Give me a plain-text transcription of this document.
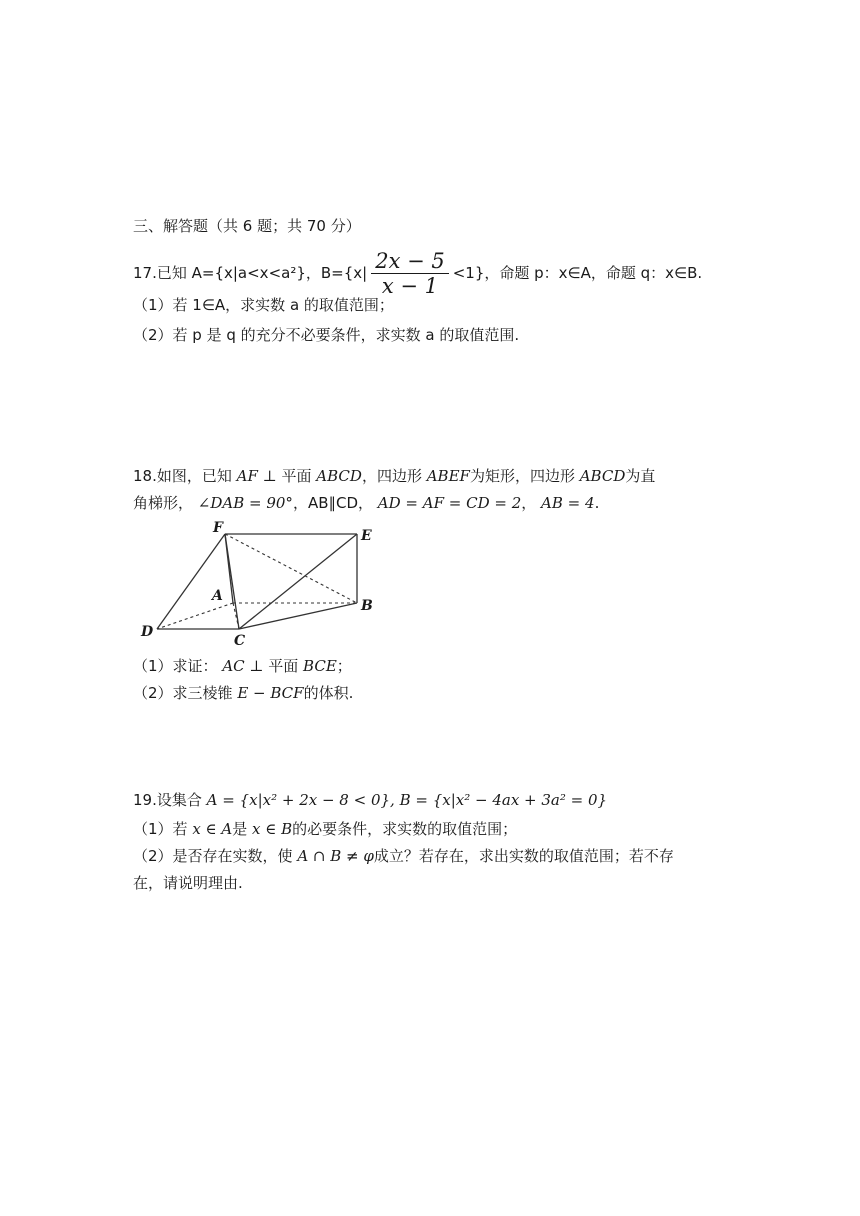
三、解答题（共 6 题；共 70 分）
17.已知 A={x|a<x<a²}，$B=\{x| \frac{2x - 5}{x - 1} <1\}$，命题 p：x∈A，命题 q：x∈B.
（1）若 1∈A，求实数 a 的取值范围；
（2）若 p 是 q 的充分不必要条件，求实数 a 的取值范围.
18.如图，已知 AF ⊥ 平面 ABCD，四边形 ABEF为矩形，四边形 ABCD为直
角梯形， ∠DAB = 90°，AB∥CD， AD = AF = CD = 2， AB = 4.
F	E
A
B
D
C
（1）求证： AC ⊥ 平面 BCE；
（2）求三棱锥 E − BCF的体积.
19.设集合 A = {x|x² + 2x − 8 < 0}, B = {x|x² − 4ax + 3a² = 0}
（1）若 x ∈ A是 x ∈ B的必要条件，求实数的取值范围；
（2）是否存在实数，使 A ∩ B ≠ φ成立？若存在，求出实数的取值范围；若不存
在，请说明理由.
